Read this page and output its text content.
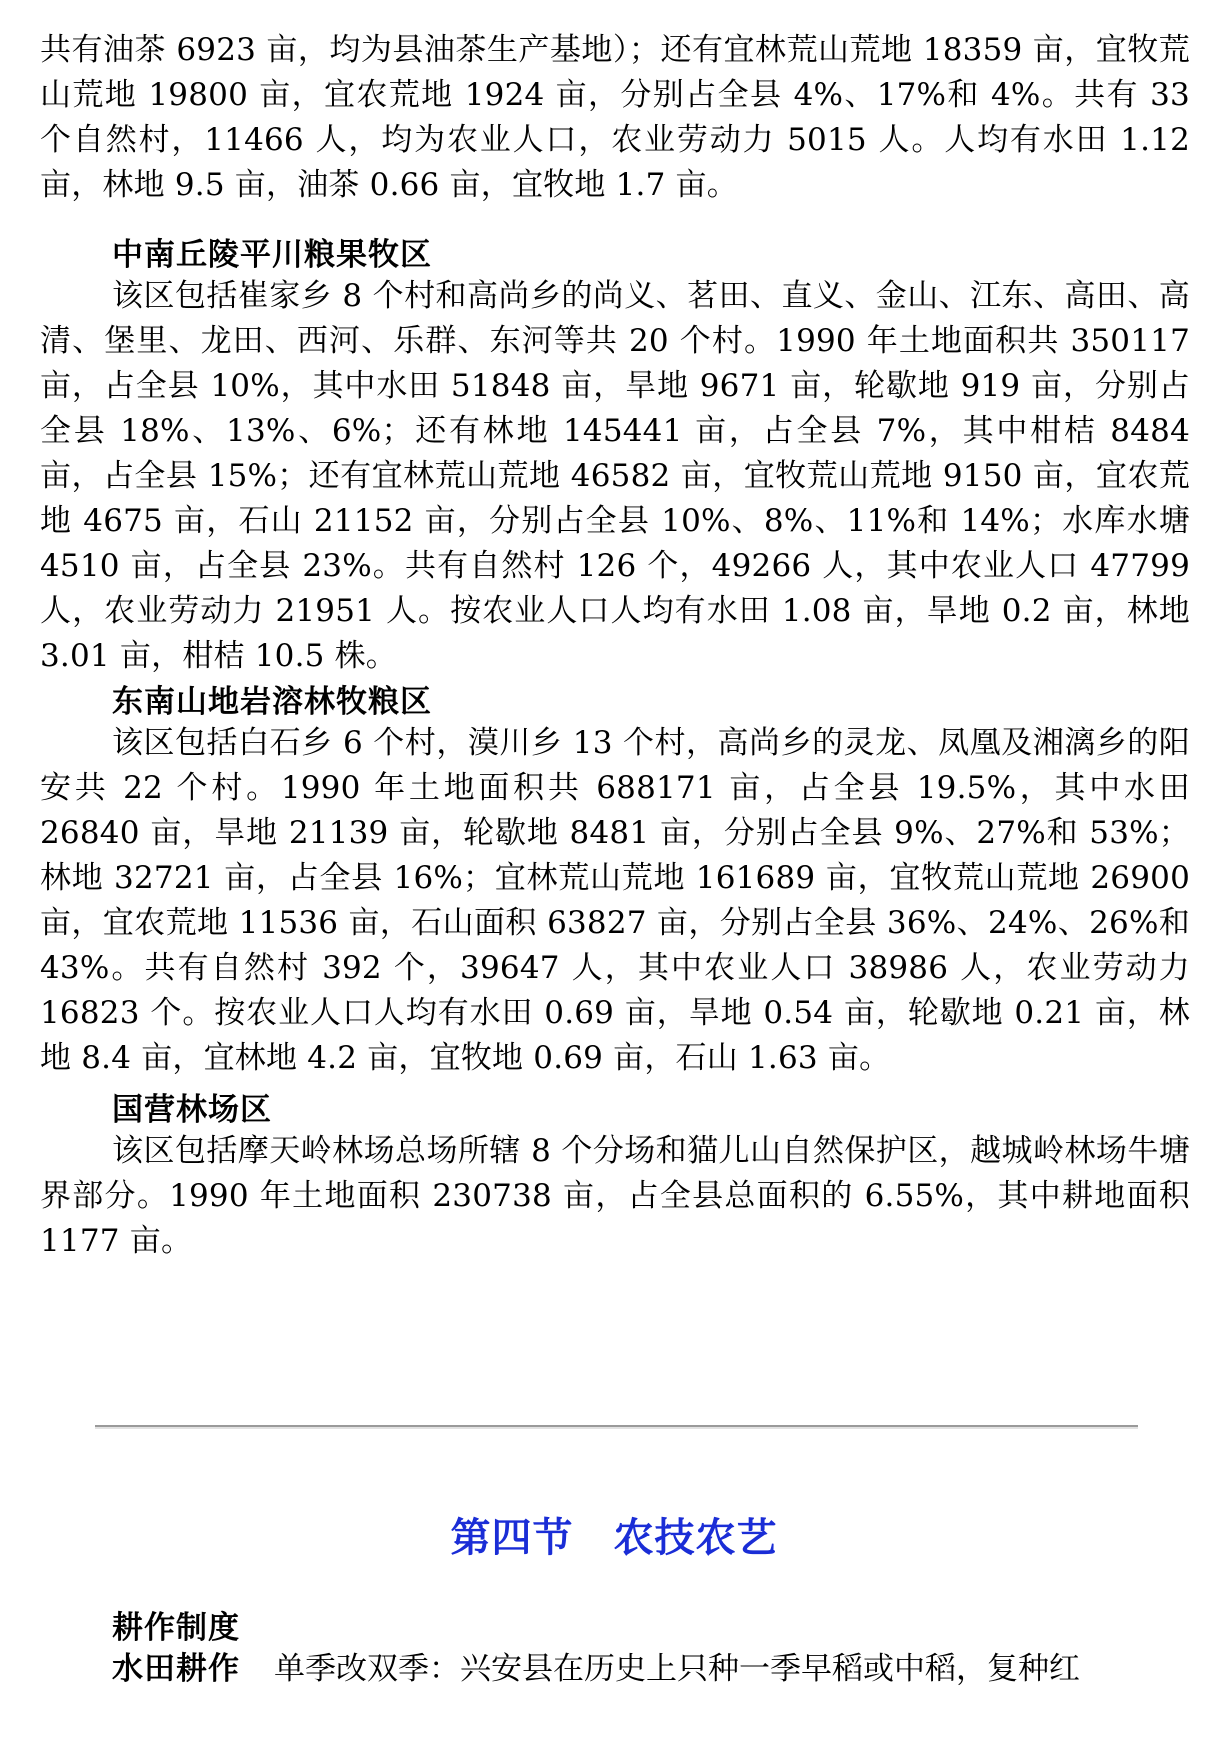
共有油茶 6923 亩，均为县油茶生产基地）；还有宜林荒山荒地 18359 亩，宜牧荒山荒地 19800 亩，宜农荒地 1924 亩，分别占全县 4%、17%和 4%。共有 33 个自然村，11466 人，均为农业人口，农业劳动力 5015 人。人均有水田 1.12 亩，林地 9.5 亩，油茶 0.66 亩，宜牧地 1.7 亩。

中南丘陵平川粮果牧区

该区包括崔家乡 8 个村和高尚乡的尚义、茗田、直义、金山、江东、高田、高清、堡里、龙田、西河、乐群、东河等共 20 个村。1990 年土地面积共 350117 亩，占全县 10%，其中水田 51848 亩，旱地 9671 亩，轮歇地 919 亩，分别占全县 18%、13%、6%；还有林地 145441 亩，占全县 7%，其中柑桔 8484 亩，占全县 15%；还有宜林荒山荒地 46582 亩，宜牧荒山荒地 9150 亩，宜农荒地 4675 亩，石山 21152 亩，分别占全县 10%、8%、11%和 14%；水库水塘 4510 亩，占全县 23%。共有自然村 126 个，49266 人，其中农业人口 47799 人，农业劳动力 21951 人。按农业人口人均有水田 1.08 亩，旱地 0.2 亩，林地 3.01 亩，柑桔 10.5 株。

东南山地岩溶林牧粮区

该区包括白石乡 6 个村，漠川乡 13 个村，高尚乡的灵龙、凤凰及湘漓乡的阳安共 22 个村。1990 年土地面积共 688171 亩，占全县 19.5%，其中水田 26840 亩，旱地 21139 亩，轮歇地 8481 亩，分别占全县 9%、27%和 53%；林地 32721 亩，占全县 16%；宜林荒山荒地 161689 亩，宜牧荒山荒地 26900 亩，宜农荒地 11536 亩，石山面积 63827 亩，分别占全县 36%、24%、26%和 43%。共有自然村 392 个，39647 人，其中农业人口 38986 人，农业劳动力 16823 个。按农业人口人均有水田 0.69 亩，旱地 0.54 亩，轮歇地 0.21 亩，林地 8.4 亩，宜林地 4.2 亩，宜牧地 0.69 亩，石山 1.63 亩。

国营林场区

该区包括摩天岭林场总场所辖 8 个分场和猫儿山自然保护区，越城岭林场牛塘界部分。1990 年土地面积 230738 亩，占全县总面积的 6.55%，其中耕地面积 1177 亩。

第四节 农技农艺
耕作制度

水田耕作 单季改双季：兴安县在历史上只种一季早稻或中稻，复种红
